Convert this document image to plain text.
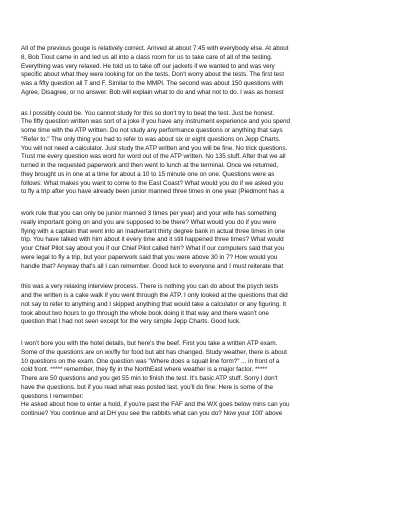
All of the previous gouge is relatively correct. Arrived at about 7:45 with everybody else. At about
8, Bob Tiout came in and led us all into a class room for us to take care of all of the testing.
Everything was very relaxed. He told us to take off our jackets if we wanted to and was very
specific about what they were looking for on the tests. Don't worry about the tests. The first test
was a fifty question all T and F. Similar to the MMPI. The second was about 150 questions with
Agree, Disagree, or no answer. Bob will explain what to do and what not to do. I was as honest
as I possibly could be. You cannot study for this so don't try to beat the test. Just be honest.
The fifty question written was sort of a joke if you have any instrument experience and you spend
some time with the ATP written. Do not study any performance questions or anything that says
"Refer to." The only thing you had to refer to was about six or eight questions on Jepp Charts.
You will not need a calculator. Just study the ATP written and you will be fine. No trick questions.
Trust me every question was word for word out of the ATP written. No 135 stuff. After that we all
turned in the requested paperwork and then went to lunch at the terminal. Once we returned,
they brought us in one at a time for about a 10 to 15 minute one on one. Questions were as
follows: What makes you want to come to the East Coast? What would you do if we asked you
to fly a trip after you have already been junior manned three times in one year (Piedmont has a
work rule that you can only be junior manned 3 times per year) and your wife has something
really important going on and you are supposed to be there? What would you do if you were
flying with a captain that went into an inadvertant thirty degree bank in actual three times in one
trip. You have talked with him about it every time and it still happened three times? What would
your Chief Pilot say about you if our Chief Pilot called him? What if our computers said that you
were legal to fly a trip, but your paperwork said that you were above 30 in 7? How would you
handle that? Anyway that's all I can remember. Good luck to everyone and I must reiterate that
this was a very relaxing interview process. There is nothing you can do about the psych tests
and the written is a cake walk if you went through the ATP. I only looked at the questions that did
not say to refer to anything and I skipped anything that would take a calculator or any figuring. It
took about two hours to go through the whole book doing it that way and there wasn't one
question that I had not seen except for the very simple Jepp Charts. Good luck.
I won't bore you with the hotel details, but here's the beef. First you take a written ATP exam.
Some of the questions are on wx/fly for food but abt has changed. Study weather, there is about
10 questions on the exam. One question was "Where does a squall line form?" ... in front of a
cold front. ***** remember, they fly in the NorthEast where weather is a major factor. *****
There are 50 questions and you get 55 min to finish the test. It's basic ATP stuff. Sorry I don't
have the questions. but if you read what was posted last, you'll do fine. Here is some of the
questions I remember:
He asked about how to enter a hold, if you're past the FAF and the WX goes below mins can you
continue? You continue and at DH you see the rabbits what can you do? Now your 100' above
